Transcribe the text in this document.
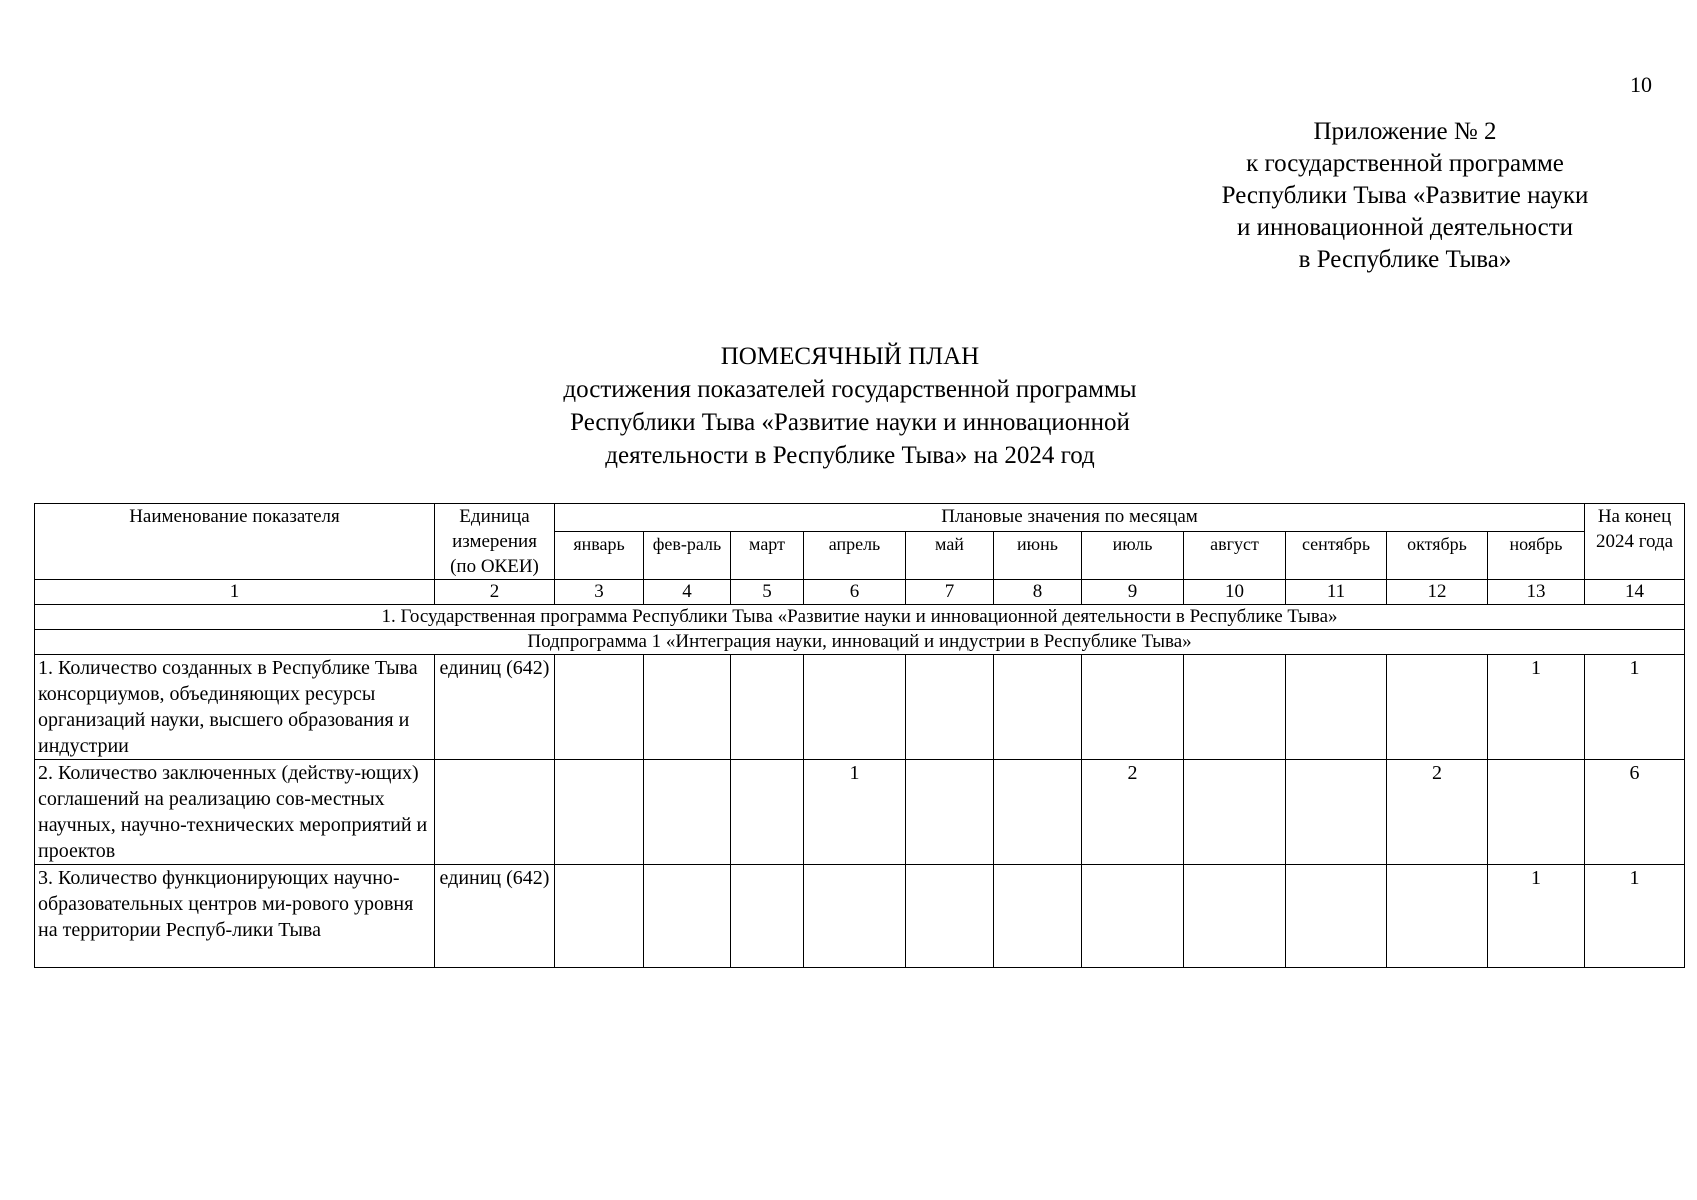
10
Приложение № 2
к государственной программе
Республики Тыва «Развитие науки
и инновационной деятельности
в Республике Тыва»
ПОМЕСЯЧНЫЙ ПЛАН
достижения показателей государственной программы
Республики Тыва «Развитие науки и инновационной
деятельности в Республике Тыва» на 2024 год
Наименование показателя	Единица измерения (по ОКЕИ)	Плановые значения по месяцам											На конец 2024 года
		январь	фев-раль	март	апрель	май	июнь	июль	август	сентябрь	октябрь	ноябрь	
1	2	3	4	5	6	7	8	9	10	11	12	13	14
1. Государственная программа Республики Тыва «Развитие науки и инновационной деятельности в Республике Тыва»													
Подпрограмма 1 «Интеграция науки, инноваций и индустрии в Республике Тыва»													
1. Количество созданных в Республике Тыва консорциумов, объединяющих ресурсы организаций науки, высшего образования и индустрии	единиц (642)											1	1
2. Количество заключенных (действу-ющих) соглашений на реализацию сов-местных научных, научно-технических мероприятий и проектов					1			2			2		6
3. Количество функционирующих научно-образовательных центров ми-рового уровня на территории Респуб-лики Тыва	единиц (642)											1	1
